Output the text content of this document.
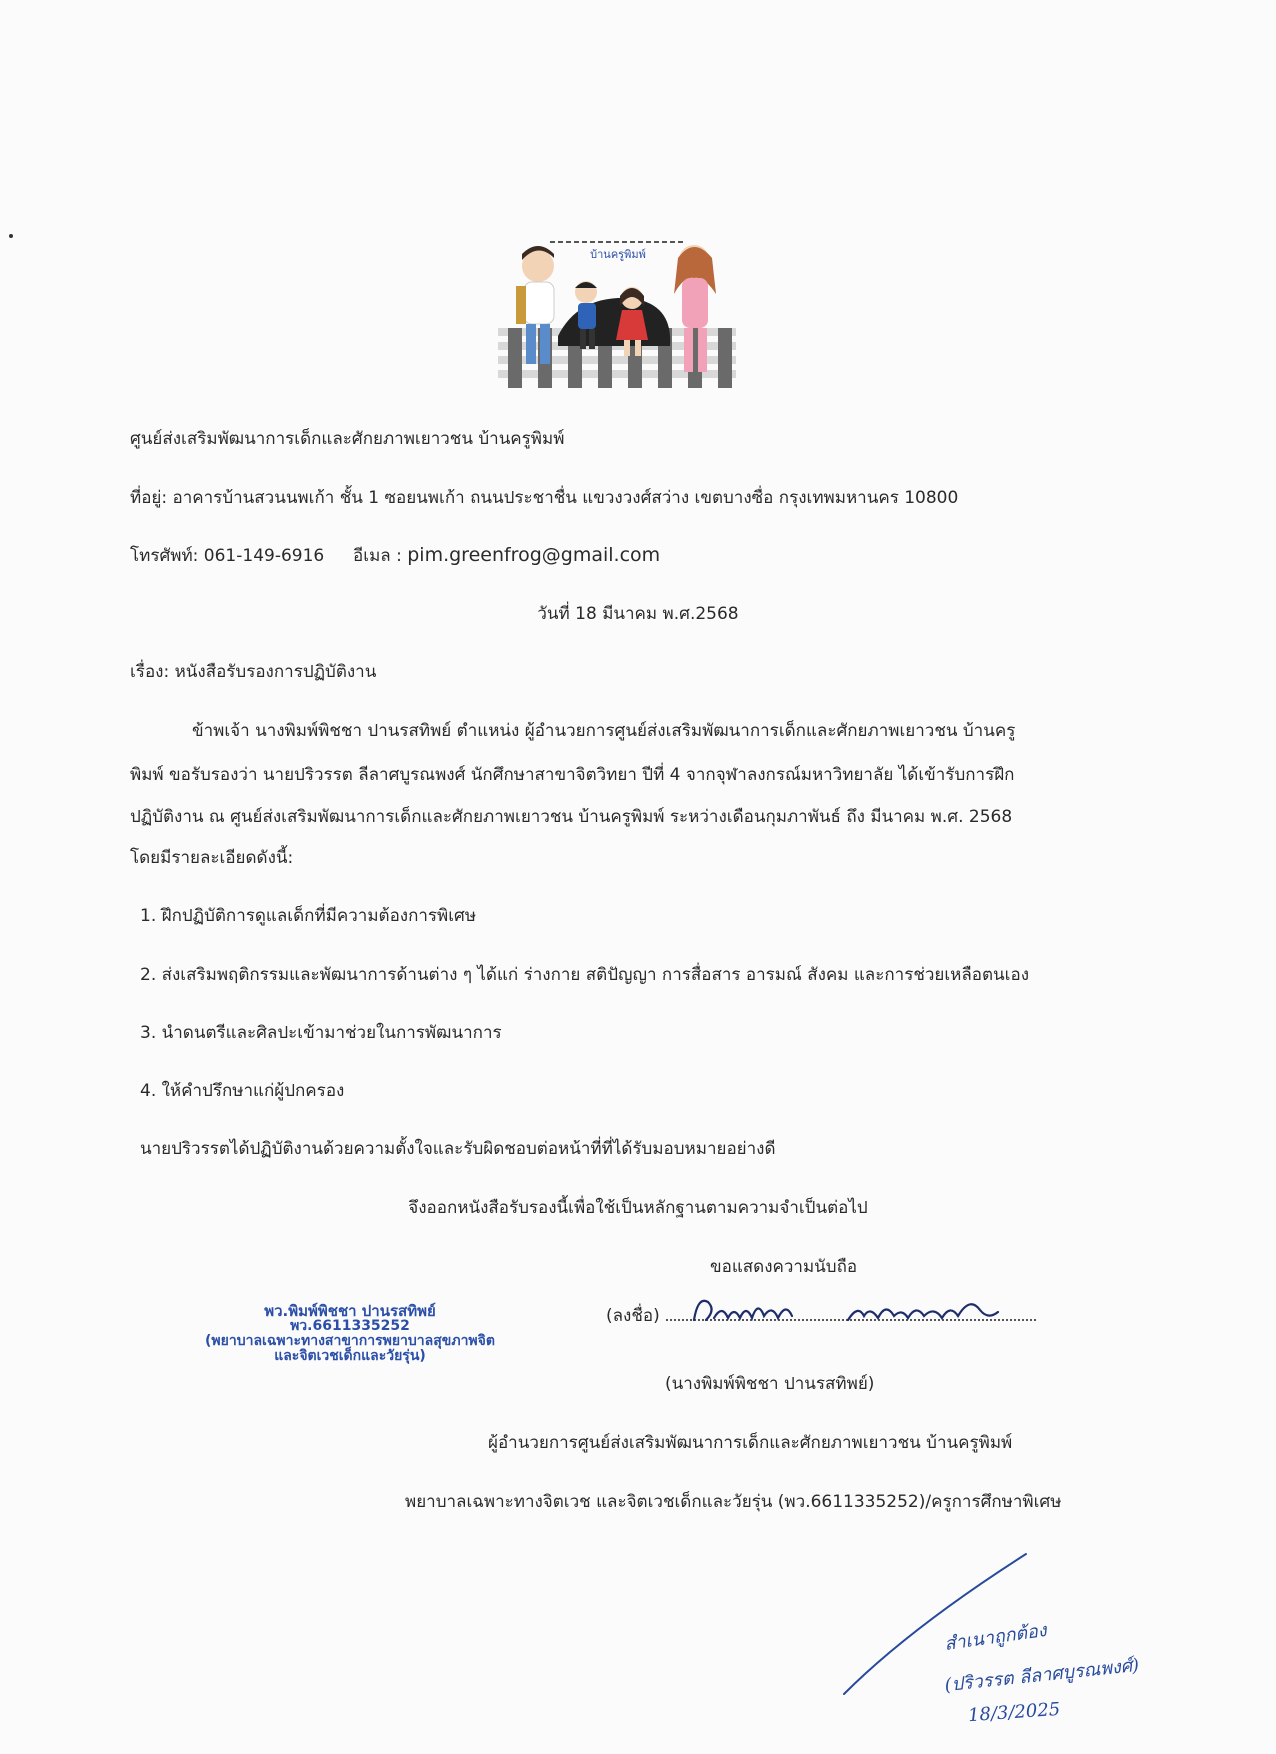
บ้านครูพิมพ์
ศูนย์ส่งเสริมพัฒนาการเด็กและศักยภาพเยาวชน บ้านครูพิมพ์
ที่อยู่: อาคารบ้านสวนนพเก้า ชั้น 1 ซอยนพเก้า ถนนประชาชื่น แขวงวงศ์สว่าง เขตบางซื่อ กรุงเทพมหานคร 10800
โทรศัพท์: 061-149-6916 อีเมล : pim.greenfrog@gmail.com
วันที่ 18 มีนาคม พ.ศ.2568
เรื่อง: หนังสือรับรองการปฏิบัติงาน
ข้าพเจ้า นางพิมพ์พิชชา ปานรสทิพย์ ตำแหน่ง ผู้อำนวยการศูนย์ส่งเสริมพัฒนาการเด็กและศักยภาพเยาวชน บ้านครู
พิมพ์ ขอรับรองว่า นายปริวรรต ลีลาศบูรณพงศ์ นักศึกษาสาขาจิตวิทยา ปีที่ 4 จากจุฬาลงกรณ์มหาวิทยาลัย ได้เข้ารับการฝึก
ปฏิบัติงาน ณ ศูนย์ส่งเสริมพัฒนาการเด็กและศักยภาพเยาวชน บ้านครูพิมพ์ ระหว่างเดือนกุมภาพันธ์ ถึง มีนาคม พ.ศ. 2568
โดยมีรายละเอียดดังนี้:
1. ฝึกปฏิบัติการดูแลเด็กที่มีความต้องการพิเศษ
2. ส่งเสริมพฤติกรรมและพัฒนาการด้านต่าง ๆ ได้แก่ ร่างกาย สติปัญญา การสื่อสาร อารมณ์ สังคม และการช่วยเหลือตนเอง
3. นำดนตรีและศิลปะเข้ามาช่วยในการพัฒนาการ
4. ให้คำปรึกษาแก่ผู้ปกครอง
นายปริวรรตได้ปฏิบัติงานด้วยความตั้งใจและรับผิดชอบต่อหน้าที่ที่ได้รับมอบหมายอย่างดี
จึงออกหนังสือรับรองนี้เพื่อใช้เป็นหลักฐานตามความจำเป็นต่อไป
ขอแสดงความนับถือ
(ลงชื่อ)
พว.พิมพ์พิชชา ปานรสทิพย์
พว.6611335252
(พยาบาลเฉพาะทางสาขาการพยาบาลสุขภาพจิต
และจิตเวชเด็กและวัยรุ่น)
(นางพิมพ์พิชชา ปานรสทิพย์)
ผู้อำนวยการศูนย์ส่งเสริมพัฒนาการเด็กและศักยภาพเยาวชน บ้านครูพิมพ์
พยาบาลเฉพาะทางจิตเวช และจิตเวชเด็กและวัยรุ่น (พว.6611335252)/ครูการศึกษาพิเศษ
สำเนาถูกต้อง
(ปริวรรต ลีลาศบูรณพงศ์)
18/3/2025
